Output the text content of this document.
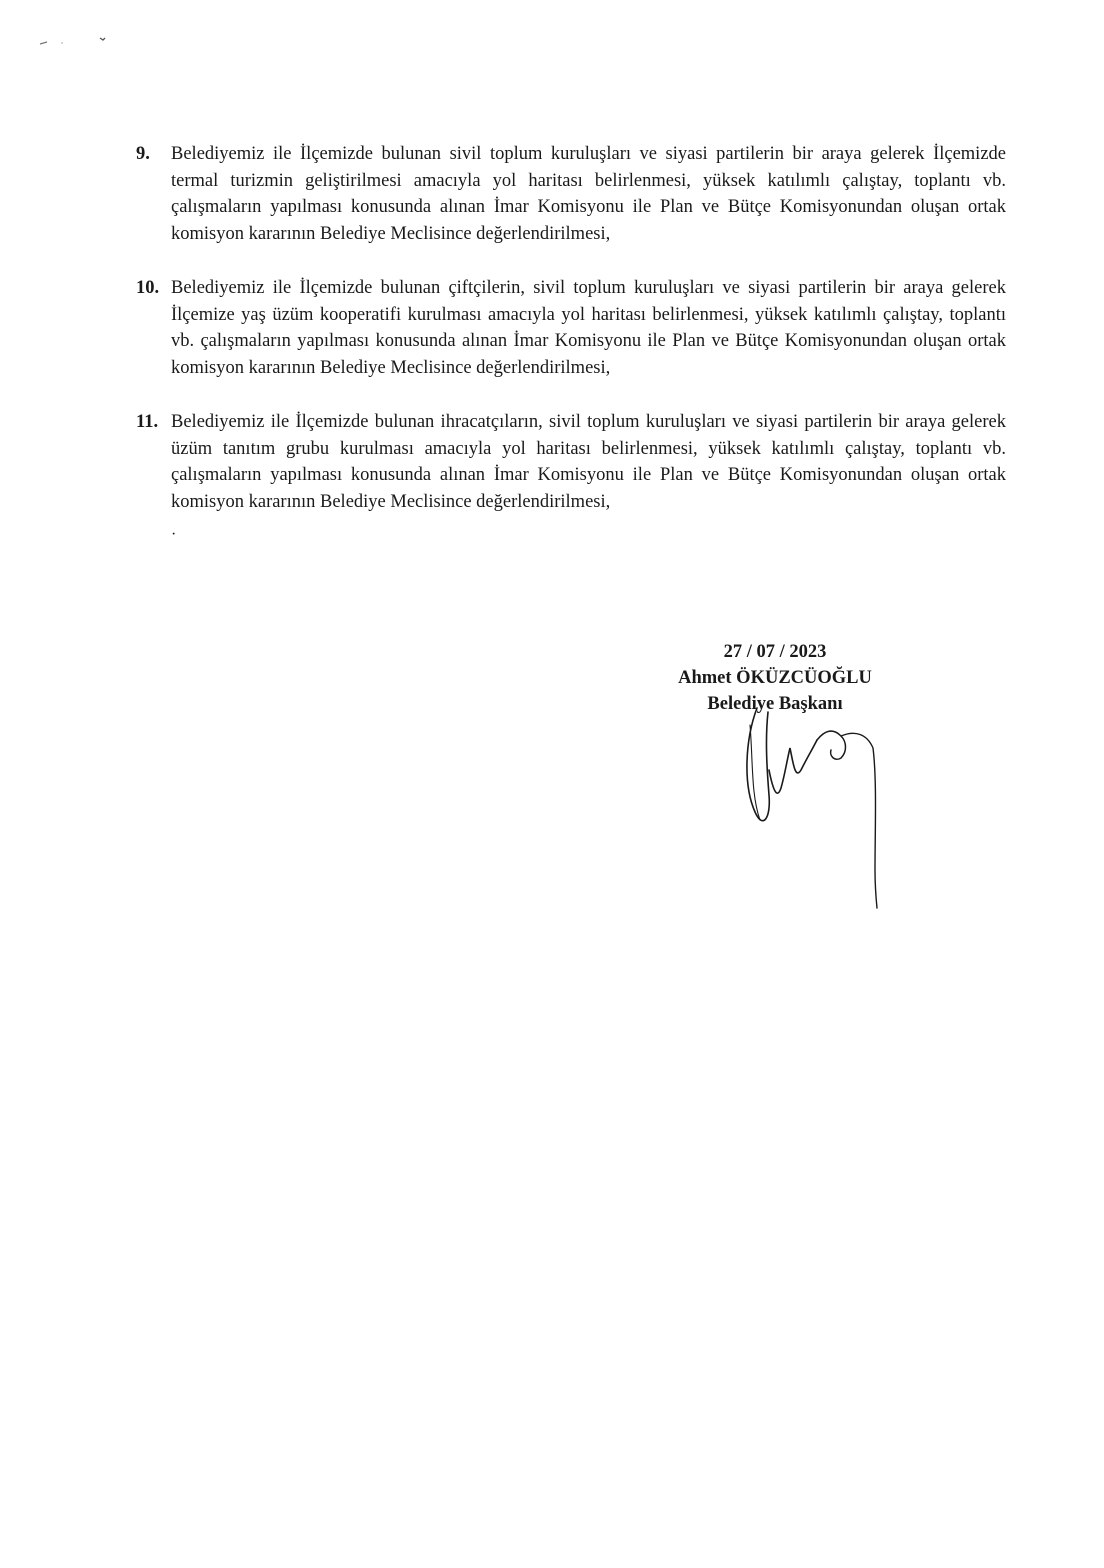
9. Belediyemiz ile İlçemizde bulunan sivil toplum kuruluşları ve siyasi partilerin bir araya gelerek İlçemizde termal turizmin geliştirilmesi amacıyla yol haritası belirlenmesi, yüksek katılımlı çalıştay, toplantı vb. çalışmaların yapılması konusunda alınan İmar Komisyonu ile Plan ve Bütçe Komisyonundan oluşan ortak komisyon kararının Belediye Meclisince değerlendirilmesi,

10. Belediyemiz ile İlçemizde bulunan çiftçilerin, sivil toplum kuruluşları ve siyasi partilerin bir araya gelerek İlçemize yaş üzüm kooperatifi kurulması amacıyla yol haritası belirlenmesi, yüksek katılımlı çalıştay, toplantı vb. çalışmaların yapılması konusunda alınan İmar Komisyonu ile Plan ve Bütçe Komisyonundan oluşan ortak komisyon kararının Belediye Meclisince değerlendirilmesi,

11. Belediyemiz ile İlçemizde bulunan ihracatçıların, sivil toplum kuruluşları ve siyasi partilerin bir araya gelerek üzüm tanıtım grubu kurulması amacıyla yol haritası belirlenmesi, yüksek katılımlı çalıştay, toplantı vb. çalışmaların yapılması konusunda alınan İmar Komisyonu ile Plan ve Bütçe Komisyonundan oluşan ortak komisyon kararının Belediye Meclisince değerlendirilmesi,

·
27 / 07 / 2023
Ahmet ÖKÜZCÜOĞLU
Belediye Başkanı
